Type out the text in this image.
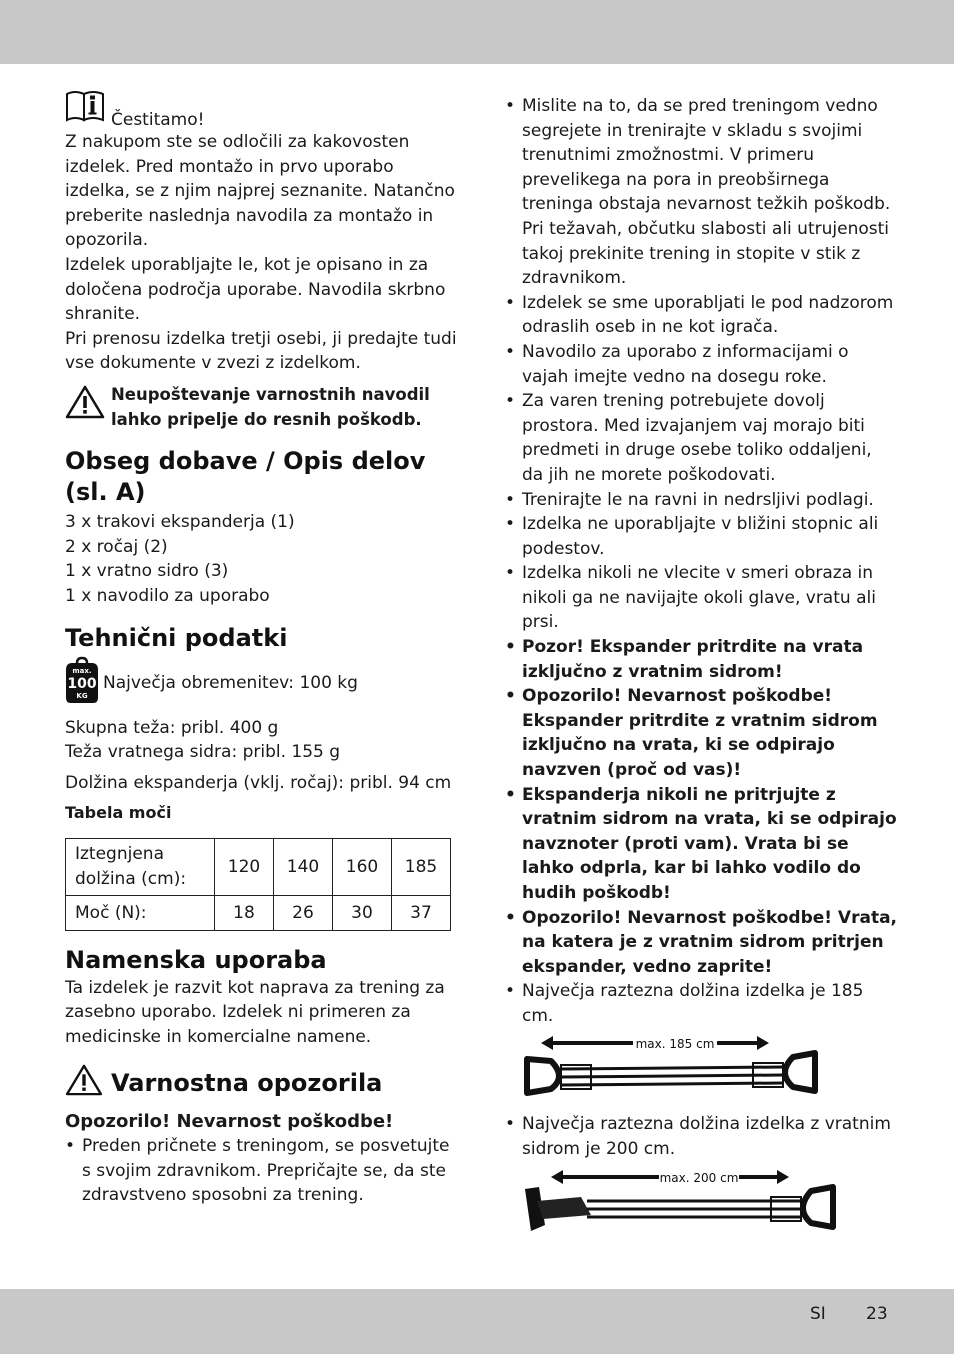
Čestitamo!

Z nakupom ste se odločili za kakovosten izdelek. Pred montažo in prvo uporabo izdelka, se z njim najprej seznanite. Natančno preberite naslednja navodila za montažo in opozorila.

Izdelek uporabljajte le, kot je opisano in za določena področja uporabe. Navodila skrbno shranite.

Pri prenosu izdelka tretji osebi, ji predajte tudi vse dokumente v zvezi z izdelkom.

Neupoštevanje varnostnih navodil lahko pripelje do resnih poškodb.
Obseg dobave / Opis delov (sl. A)

3 x trakovi ekspanderja (1)

2 x ročaj (2)

1 x vratno sidro (3)

1 x navodilo za uporabo

Tehnični podatki
max.
100
KG
Največja obremenitev: 100 kg

Skupna teža: pribl. 400 g

Teža vratnega sidra: pribl. 155 g

Dolžina ekspanderja (vklj. ročaj): pribl. 94 cm

Tabela moči

Iztegnjena dolžina (cm):	120	140	160	185
Moč (N):	18	26	30	37
Namenska uporaba

Ta izdelek je razvit kot naprava za trening za zasebno uporabo. Izdelek ni primeren za medicinske in komercialne namene.

Varnostna opozorila

Opozorilo! Nevarnost poškodbe!

• Preden pričnete s treningom, se posvetujte s svojim zdravnikom. Prepričajte se, da ste zdravstveno sposobni za trening.
• Mislite na to, da se pred treningom vedno segrejete in trenirajte v skladu s svojimi trenutnimi zmožnostmi. V primeru prevelikega na pora in preobširnega treninga obstaja nevarnost težkih poškodb. Pri težavah, občutku slabosti ali utrujenosti takoj prekinite trening in stopite v stik z zdravnikom.
• Izdelek se sme uporabljati le pod nadzorom odraslih oseb in ne kot igrača.
• Navodilo za uporabo z informacijami o vajah imejte vedno na dosegu roke.
• Za varen trening potrebujete dovolj prostora. Med izvajanjem vaj morajo biti predmeti in druge osebe toliko oddaljeni, da jih ne morete poškodovati.
• Trenirajte le na ravni in nedrsljivi podlagi.
• Izdelka ne uporabljajte v bližini stopnic ali podestov.
• Izdelka nikoli ne vlecite v smeri obraza in nikoli ga ne navijajte okoli glave, vratu ali prsi.
• Pozor! Ekspander pritrdite na vrata izključno z vratnim sidrom!
• Opozorilo! Nevarnost poškodbe! Ekspander pritrdite z vratnim sidrom izključno na vrata, ki se odpirajo navzven (proč od vas)!
• Ekspanderja nikoli ne pritrjujte z vratnim sidrom na vrata, ki se odpirajo navznoter (proti vam). Vrata bi se lahko odprla, kar bi lahko vodilo do hudih poškodb!
• Opozorilo! Nevarnost poškodbe! Vrata, na katera je z vratnim sidrom pritrjen ekspander, vedno zaprite!
• Največja raztezna dolžina izdelka je 185 cm.
max. 185 cm
• Največja raztezna dolžina izdelka z vratnim sidrom je 200 cm.
max. 200 cm
SI 23
